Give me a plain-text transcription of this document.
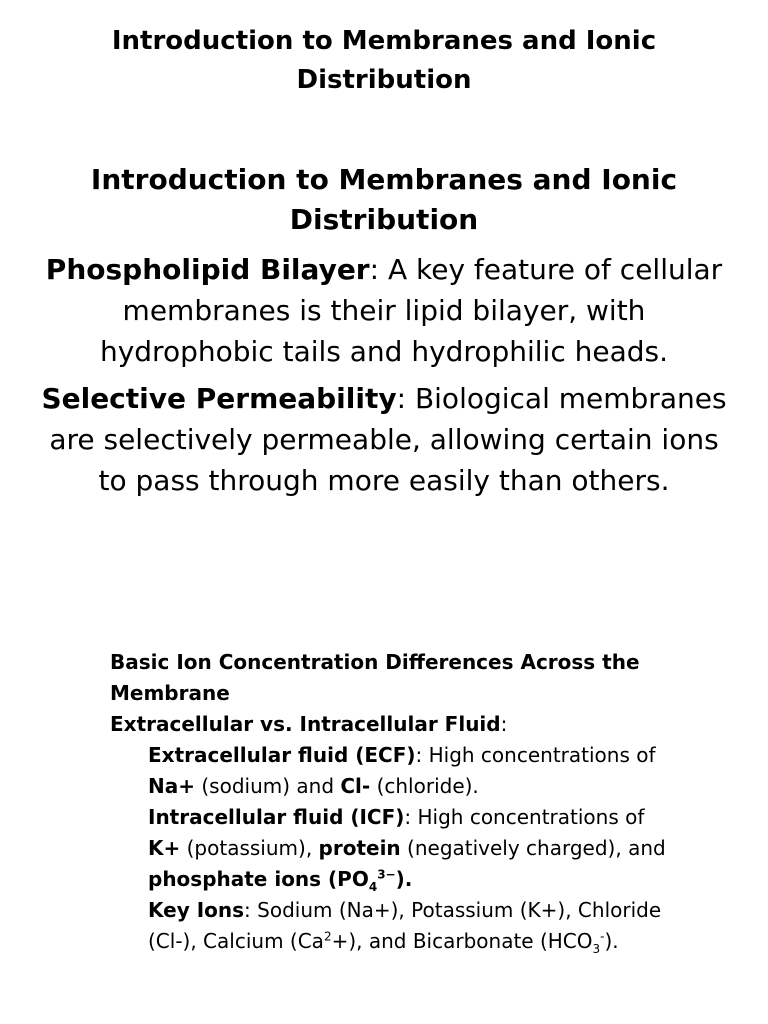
Introduction to Membranes and Ionic Distribution
Introduction to Membranes and Ionic Distribution

Phospholipid Bilayer: A key feature of cellular membranes is their lipid bilayer, with hydrophobic tails and hydrophilic heads.

Selective Permeability: Biological membranes are selectively permeable, allowing certain ions to pass through more easily than others.

Basic Ion Concentration Differences Across the Membrane

Extracellular vs. Intracellular Fluid:

Extracellular fluid (ECF): High concentrations of Na+ (sodium) and Cl- (chloride).

Intracellular fluid (ICF): High concentrations of K+ (potassium), protein (negatively charged), and phosphate ions $(PO_4^{3-})$.

Key Ions: Sodium (Na+), Potassium (K+), Chloride (Cl-), Calcium $(Ca^2+)$, and Bicarbonate $(HCO_3^-)$.
